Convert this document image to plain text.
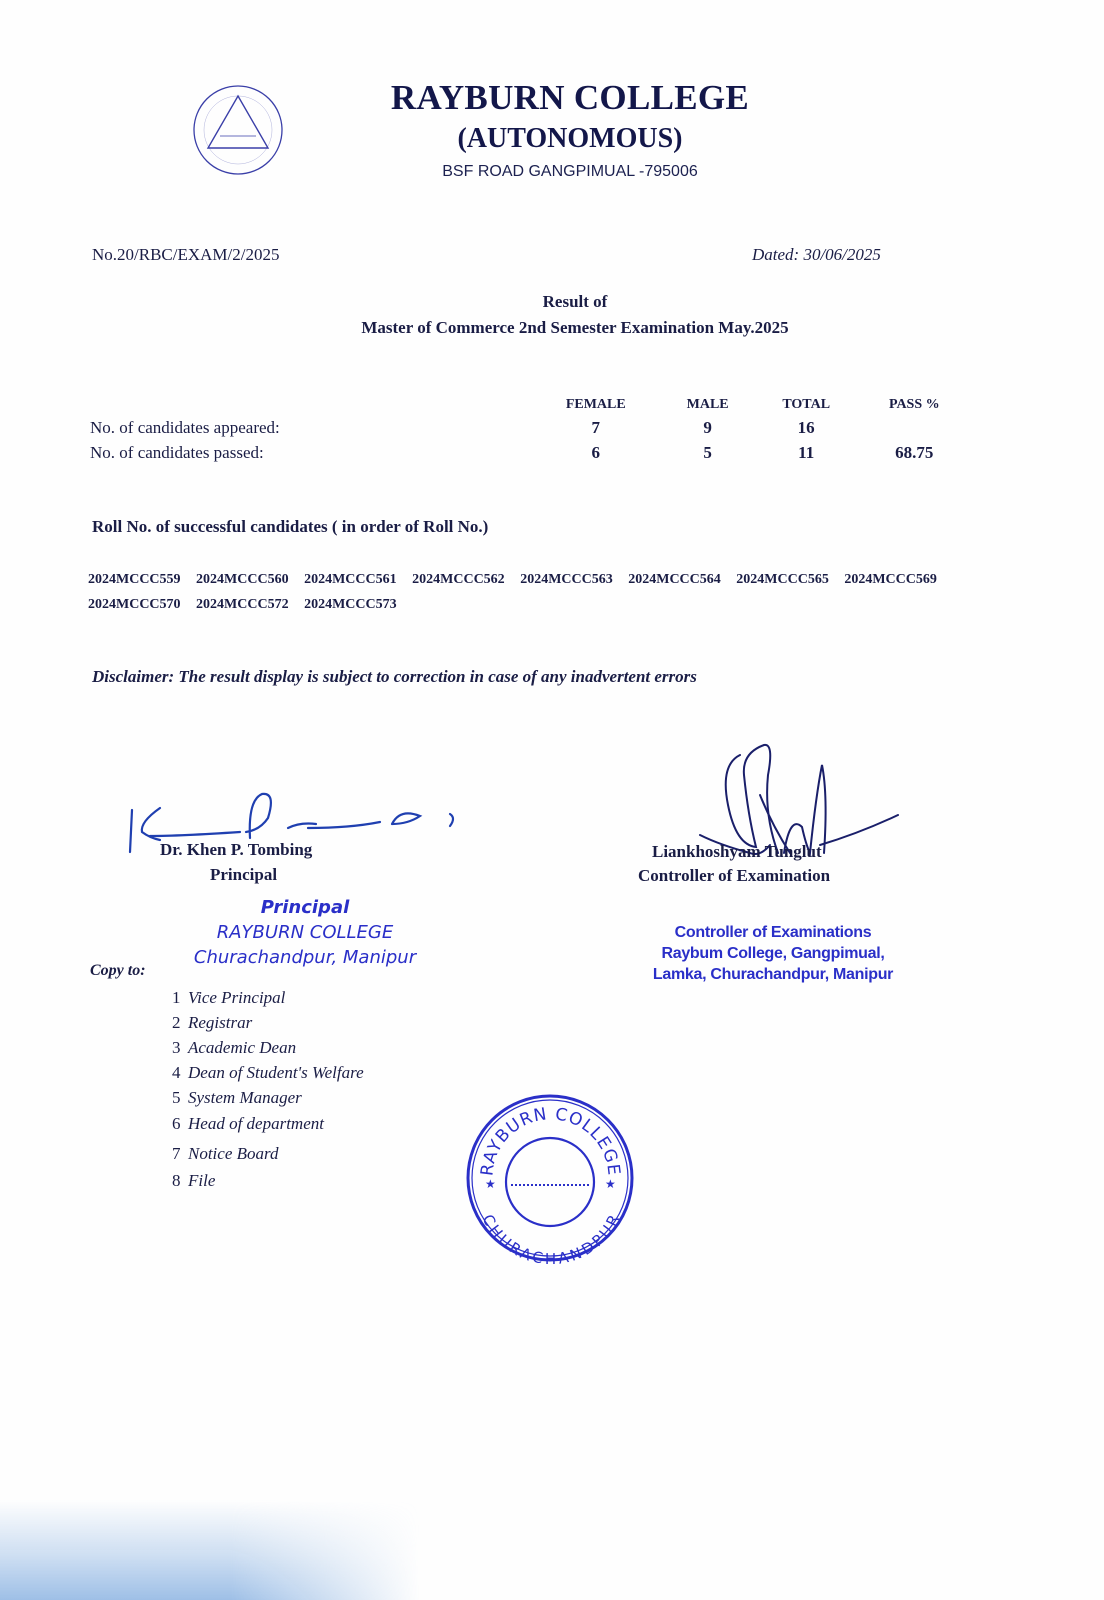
RAYBURN COLLEGE
(AUTONOMOUS)
BSF ROAD GANGPIMUAL -795006
No.20/RBC/EXAM/2/2025	Dated: 30/06/2025
Result of
Master of Commerce 2nd Semester Examination May.2025
	FEMALE	MALE	TOTAL	PASS %
No. of candidates appeared:	7	9	16	
No. of candidates passed:	6	5	11	68.75
Roll No. of successful candidates ( in order of Roll No.)
2024MCCC559 2024MCCC560 2024MCCC561 2024MCCC562 2024MCCC563 2024MCCC564 2024MCCC565 2024MCCC569
2024MCCC570 2024MCCC572 2024MCCC573
Disclaimer: The result display is subject to correction in case of any inadvertent errors
Dr. Khen P. Tombing
Principal
Liankhoshyam Tunglut
Controller of Examination
Principal
RAYBURN COLLEGE
Churachandpur, Manipur
Controller of Examinations
Raybum College, Gangpimual,
Lamka, Churachandpur, Manipur
Copy to:
1 Vice Principal
2 Registrar
3 Academic Dean
4 Dean of Student's Welfare
5 System Manager
6 Head of department
7 Notice Board
8 File
RAYBURN COLLEGE
CHURACHANDPUR
★	★
